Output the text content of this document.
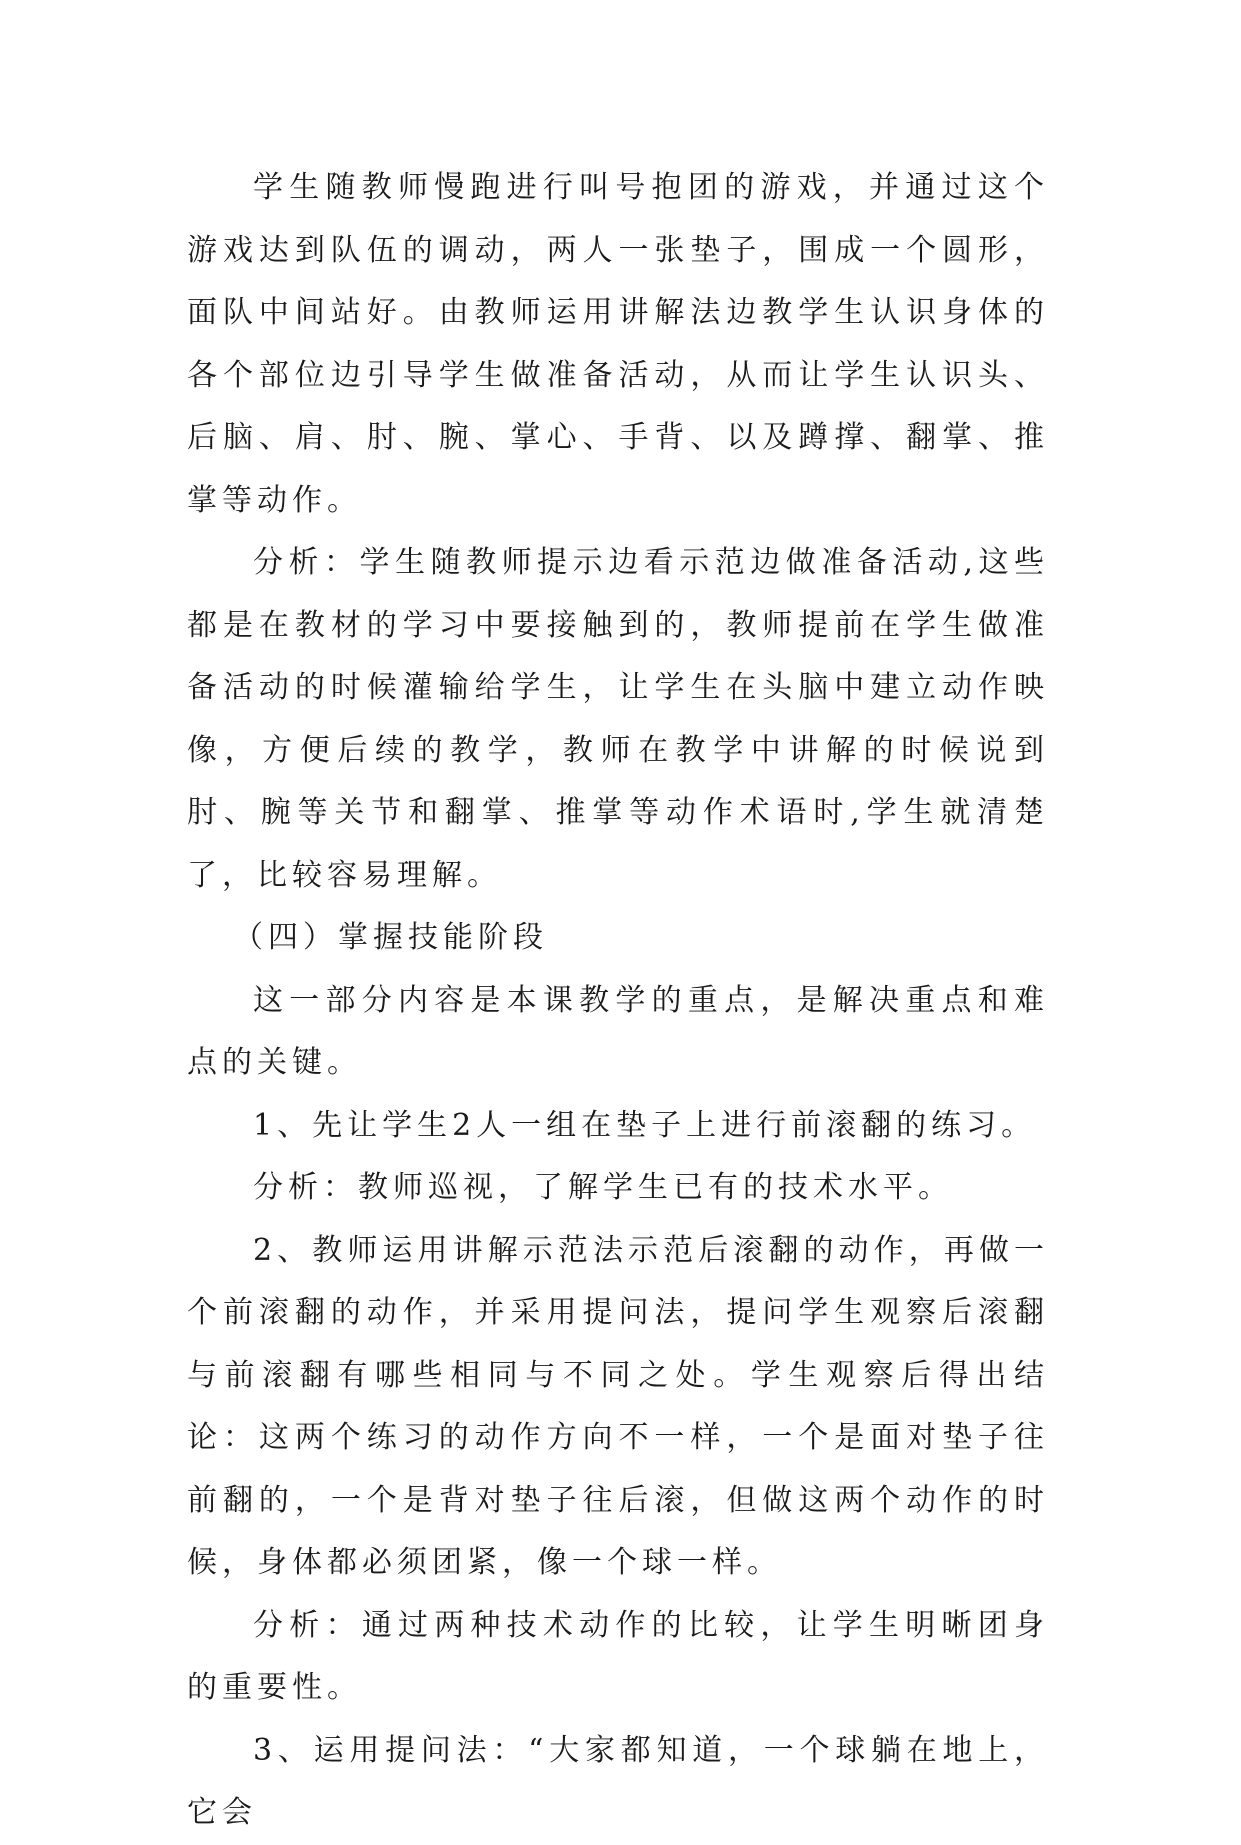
学生随教师慢跑进行叫号抱团的游戏，并通过这个游戏达到队伍的调动，两人一张垫子，围成一个圆形，面队中间站好。由教师运用讲解法边教学生认识身体的各个部位边引导学生做准备活动，从而让学生认识头、后脑、肩、肘、腕、掌心、手背、以及蹲撑、翻掌、推掌等动作。

分析：学生随教师提示边看示范边做准备活动,这些都是在教材的学习中要接触到的，教师提前在学生做准备活动的时候灌输给学生，让学生在头脑中建立动作映像，方便后续的教学，教师在教学中讲解的时候说到肘、腕等关节和翻掌、推掌等动作术语时,学生就清楚了，比较容易理解。

（四）掌握技能阶段

这一部分内容是本课教学的重点，是解决重点和难点的关键。

1、先让学生2人一组在垫子上进行前滚翻的练习。

分析：教师巡视，了解学生已有的技术水平。

2、教师运用讲解示范法示范后滚翻的动作，再做一个前滚翻的动作，并采用提问法，提问学生观察后滚翻与前滚翻有哪些相同与不同之处。学生观察后得出结论：这两个练习的动作方向不一样，一个是面对垫子往前翻的，一个是背对垫子往后滚，但做这两个动作的时候，身体都必须团紧，像一个球一样。

分析：通过两种技术动作的比较，让学生明晰团身的重要性。

3、运用提问法：“大家都知道，一个球躺在地上，它会
